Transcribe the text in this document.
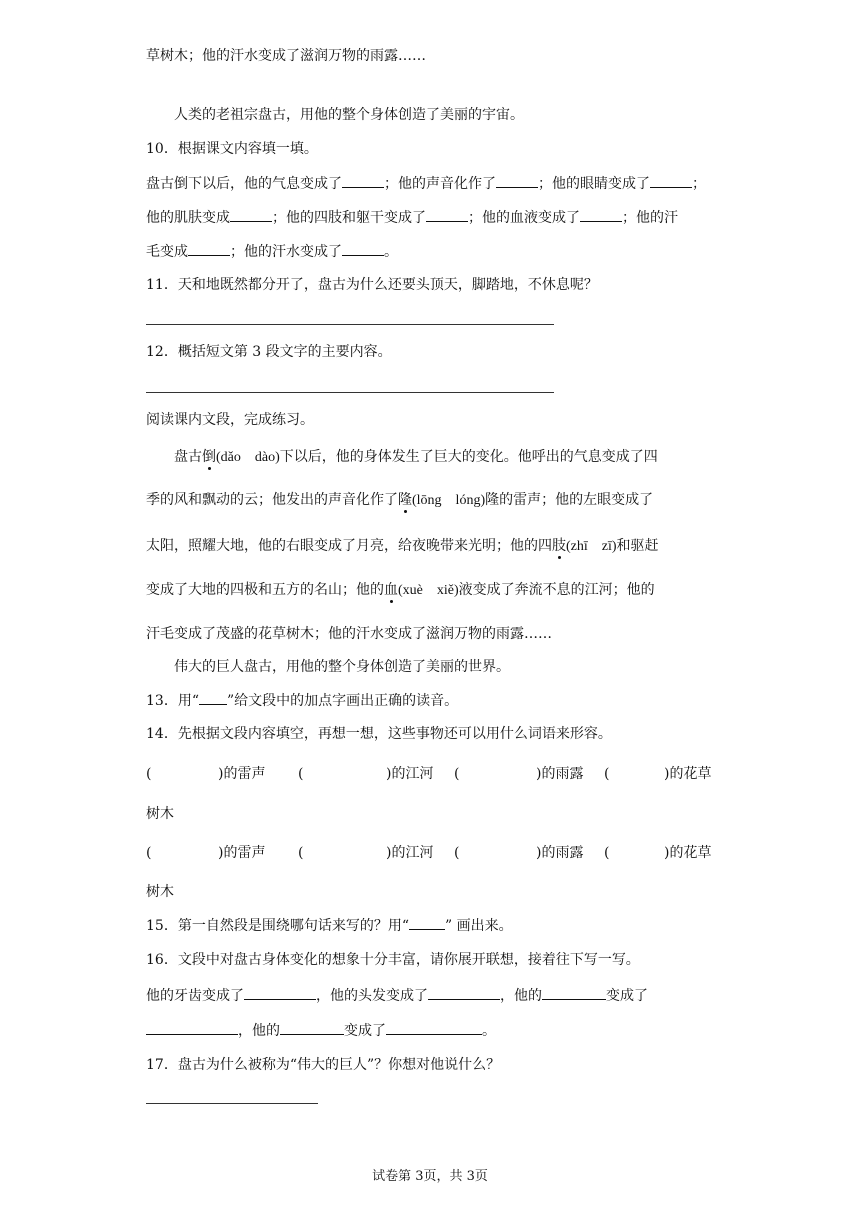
草树木；他的汗水变成了滋润万物的雨露……
人类的老祖宗盘古，用他的整个身体创造了美丽的宇宙。
10．根据课文内容填一填。
盘古倒下以后，他的气息变成了	；他的声音化作了	；他的眼睛变成了	；
他的肌肤变成	；他的四肢和躯干变成了	；他的血液变成了	；他的汗
毛变成	；他的汗水变成了	。
11．天和地既然都分开了，盘古为什么还要头顶天，脚踏地，不休息呢？
12．概括短文第 3 段文字的主要内容。
阅读课内文段，完成练习。
盘古倒(dǎo　dào)下以后，他的身体发生了巨大的变化。他呼出的气息变成了四
季的风和飘动的云；他发出的声音化作了隆(lōng　lóng)隆的雷声；他的左眼变成了
太阳，照耀大地，他的右眼变成了月亮，给夜晚带来光明；他的四肢(zhī　zī)和驱赶
变成了大地的四极和五方的名山；他的血(xuè　xiě)液变成了奔流不息的江河；他的
汗毛变成了茂盛的花草树木；他的汗水变成了滋润万物的雨露……
伟大的巨人盘古，用他的整个身体创造了美丽的世界。
13．用“ ”给文段中的加点字画出正确的读音。
14．先根据文段内容填空，再想一想，这些事物还可以用什么词语来形容。
(	)的雷声 (	)的江河 (	)的雨露 (	)的花草
树木
(	)的雷声 (	)的江河 (	)的雨露 (	)的花草
树木
15．第一自然段是围绕哪句话来写的？用“	” 画出来。
16．文段中对盘古身体变化的想象十分丰富，请你展开联想，接着往下写一写。
他的牙齿变成了	，他的头发变成了	，他的	变成了
，他的	变成了	。
17．盘古为什么被称为“伟大的巨人”？你想对他说什么？
试卷第 3页，共 3页
